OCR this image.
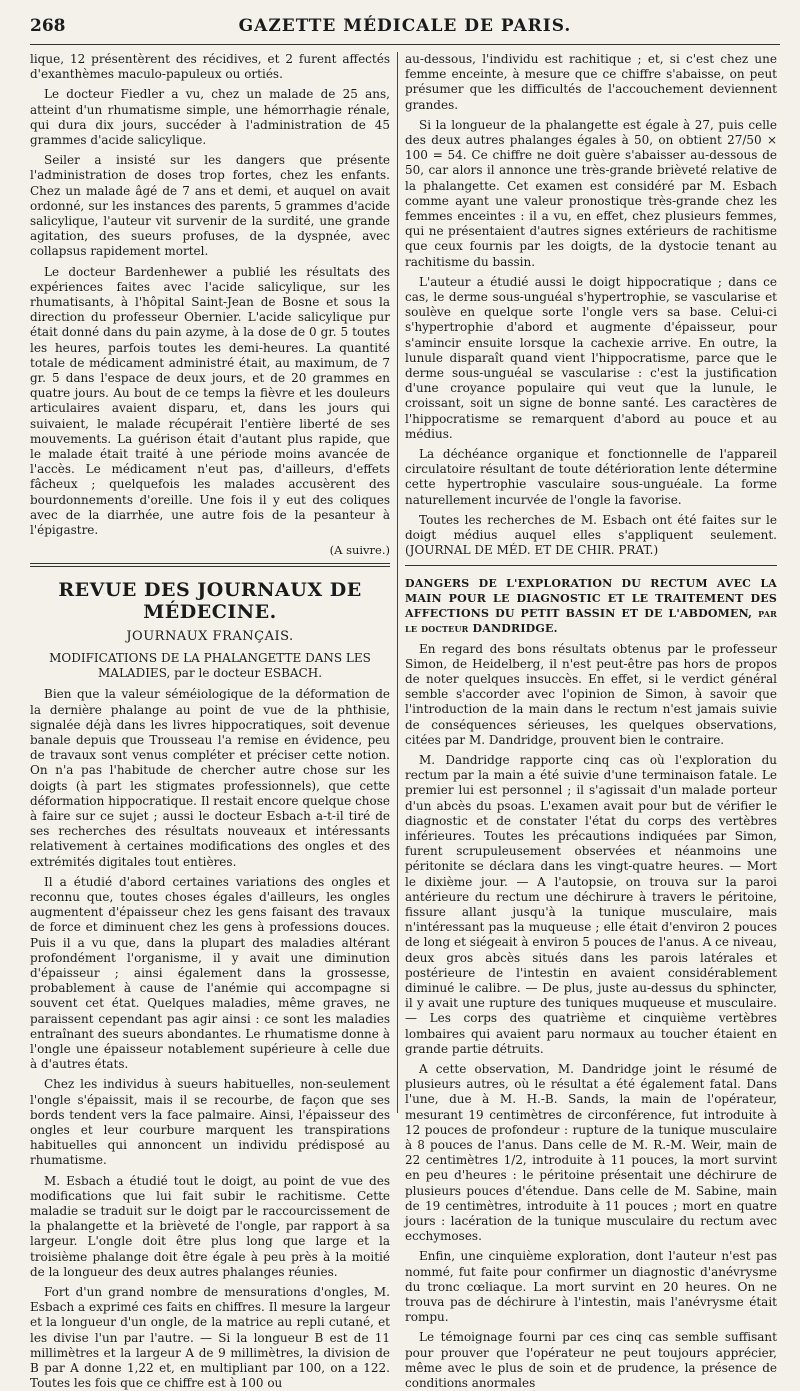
268	GAZETTE MÉDICALE DE PARIS.

lique, 12 présentèrent des récidives, et 2 furent affectés d'exanthèmes maculo-papuleux ou ortiés.

Le docteur Fiedler a vu, chez un malade de 25 ans, atteint d'un rhumatisme simple, une hémorrhagie rénale, qui dura dix jours, succéder à l'administration de 45 grammes d'acide salicylique.

Seiler a insisté sur les dangers que présente l'administration de doses trop fortes, chez les enfants. Chez un malade âgé de 7 ans et demi, et auquel on avait ordonné, sur les instances des parents, 5 grammes d'acide salicylique, l'auteur vit survenir de la surdité, une grande agitation, des sueurs profuses, de la dyspnée, avec collapsus rapidement mortel.

Le docteur Bardenhewer a publié les résultats des expériences faites avec l'acide salicylique, sur les rhumatisants, à l'hôpital Saint-Jean de Bosne et sous la direction du professeur Obernier. L'acide salicylique pur était donné dans du pain azyme, à la dose de 0 gr. 5 toutes les heures, parfois toutes les demi-heures. La quantité totale de médicament administré était, au maximum, de 7 gr. 5 dans l'espace de deux jours, et de 20 grammes en quatre jours. Au bout de ce temps la fièvre et les douleurs articulaires avaient disparu, et, dans les jours qui suivaient, le malade récupérait l'entière liberté de ses mouvements. La guérison était d'autant plus rapide, que le malade était traité à une période moins avancée de l'accès. Le médicament n'eut pas, d'ailleurs, d'effets fâcheux ; quelquefois les malades accusèrent des bourdonnements d'oreille. Une fois il y eut des coliques avec de la diarrhée, une autre fois de la pesanteur à l'épigastre.

(A suivre.)
REVUE DES JOURNAUX DE MÉDECINE.
JOURNAUX FRANÇAIS.
MODIFICATIONS DE LA PHALANGETTE DANS LES MALADIES, par le docteur ESBACH.

Bien que la valeur séméiologique de la déformation de la dernière phalange au point de vue de la phthisie, signalée déjà dans les livres hippocratiques, soit devenue banale depuis que Trousseau l'a remise en évidence, peu de travaux sont venus compléter et préciser cette notion. On n'a pas l'habitude de chercher autre chose sur les doigts (à part les stigmates professionnels), que cette déformation hippocratique. Il restait encore quelque chose à faire sur ce sujet ; aussi le docteur Esbach a-t-il tiré de ses recherches des résultats nouveaux et intéressants relativement à certaines modifications des ongles et des extrémités digitales tout entières.

Il a étudié d'abord certaines variations des ongles et reconnu que, toutes choses égales d'ailleurs, les ongles augmentent d'épaisseur chez les gens faisant des travaux de force et diminuent chez les gens à professions douces. Puis il a vu que, dans la plupart des maladies altérant profondément l'organisme, il y avait une diminution d'épaisseur ; ainsi également dans la grossesse, probablement à cause de l'anémie qui accompagne si souvent cet état. Quelques maladies, même graves, ne paraissent cependant pas agir ainsi : ce sont les maladies entraînant des sueurs abondantes. Le rhumatisme donne à l'ongle une épaisseur notablement supérieure à celle due à d'autres états.

Chez les individus à sueurs habituelles, non-seulement l'ongle s'épaissit, mais il se recourbe, de façon que ses bords tendent vers la face palmaire. Ainsi, l'épaisseur des ongles et leur courbure marquent les transpirations habituelles qui annoncent un individu prédisposé au rhumatisme.

M. Esbach a étudié tout le doigt, au point de vue des modifications que lui fait subir le rachitisme. Cette maladie se traduit sur le doigt par le raccourcissement de la phalangette et la brièveté de l'ongle, par rapport à sa largeur. L'ongle doit être plus long que large et la troisième phalange doit être égale à peu près à la moitié de la longueur des deux autres phalanges réunies.

Fort d'un grand nombre de mensurations d'ongles, M. Esbach a exprimé ces faits en chiffres. Il mesure la largeur et la longueur d'un ongle, de la matrice au repli cutané, et les divise l'un par l'autre. — Si la longueur B est de 11 millimètres et la largeur A de 9 millimètres, la division de B par A donne 1,22 et, en multipliant par 100, on a 122. Toutes les fois que ce chiffre est à 100 ou

au-dessous, l'individu est rachitique ; et, si c'est chez une femme enceinte, à mesure que ce chiffre s'abaisse, on peut présumer que les difficultés de l'accouchement deviennent grandes.

Si la longueur de la phalangette est égale à 27, puis celle des deux autres phalanges égales à 50, on obtient 27/50 × 100 = 54. Ce chiffre ne doit guère s'abaisser au-dessous de 50, car alors il annonce une très-grande brièveté relative de la phalangette. Cet examen est considéré par M. Esbach comme ayant une valeur pronostique très-grande chez les femmes enceintes : il a vu, en effet, chez plusieurs femmes, qui ne présentaient d'autres signes extérieurs de rachitisme que ceux fournis par les doigts, de la dystocie tenant au rachitisme du bassin.

L'auteur a étudié aussi le doigt hippocratique ; dans ce cas, le derme sous-unguéal s'hypertrophie, se vascularise et soulève en quelque sorte l'ongle vers sa base. Celui-ci s'hypertrophie d'abord et augmente d'épaisseur, pour s'amincir ensuite lorsque la cachexie arrive. En outre, la lunule disparaît quand vient l'hippocratisme, parce que le derme sous-unguéal se vascularise : c'est la justification d'une croyance populaire qui veut que la lunule, le croissant, soit un signe de bonne santé. Les caractères de l'hippocratisme se remarquent d'abord au pouce et au médius.

La déchéance organique et fonctionnelle de l'appareil circulatoire résultant de toute détérioration lente détermine cette hypertrophie vasculaire sous-unguéale. La forme naturellement incurvée de l'ongle la favorise.

Toutes les recherches de M. Esbach ont été faites sur le doigt médius auquel elles s'appliquent seulement. (JOURNAL DE MÉD. ET DE CHIR. PRAT.)

DANGERS DE L'EXPLORATION DU RECTUM AVEC LA MAIN POUR LE DIAGNOSTIC ET LE TRAITEMENT DES AFFECTIONS DU PETIT BASSIN ET DE L'ABDOMEN, par le docteur DANDRIDGE.

En regard des bons résultats obtenus par le professeur Simon, de Heidelberg, il n'est peut-être pas hors de propos de noter quelques insuccès. En effet, si le verdict général semble s'accorder avec l'opinion de Simon, à savoir que l'introduction de la main dans le rectum n'est jamais suivie de conséquences sérieuses, les quelques observations, citées par M. Dandridge, prouvent bien le contraire.

M. Dandridge rapporte cinq cas où l'exploration du rectum par la main a été suivie d'une terminaison fatale. Le premier lui est personnel ; il s'agissait d'un malade porteur d'un abcès du psoas. L'examen avait pour but de vérifier le diagnostic et de constater l'état du corps des vertèbres inférieures. Toutes les précautions indiquées par Simon, furent scrupuleusement observées et néanmoins une péritonite se déclara dans les vingt-quatre heures. — Mort le dixième jour. — A l'autopsie, on trouva sur la paroi antérieure du rectum une déchirure à travers le péritoine, fissure allant jusqu'à la tunique musculaire, mais n'intéressant pas la muqueuse ; elle était d'environ 2 pouces de long et siégeait à environ 5 pouces de l'anus. A ce niveau, deux gros abcès situés dans les parois latérales et postérieure de l'intestin en avaient considérablement diminué le calibre. — De plus, juste au-dessus du sphincter, il y avait une rupture des tuniques muqueuse et musculaire. — Les corps des quatrième et cinquième vertèbres lombaires qui avaient paru normaux au toucher étaient en grande partie détruits.

A cette observation, M. Dandridge joint le résumé de plusieurs autres, où le résultat a été également fatal. Dans l'une, due à M. H.-B. Sands, la main de l'opérateur, mesurant 19 centimètres de circonférence, fut introduite à 12 pouces de profondeur : rupture de la tunique musculaire à 8 pouces de l'anus. Dans celle de M. R.-M. Weir, main de 22 centimètres 1/2, introduite à 11 pouces, la mort survint en peu d'heures : le péritoine présentait une déchirure de plusieurs pouces d'étendue. Dans celle de M. Sabine, main de 19 centimètres, introduite à 11 pouces ; mort en quatre jours : lacération de la tunique musculaire du rectum avec ecchymoses.

Enfin, une cinquième exploration, dont l'auteur n'est pas nommé, fut faite pour confirmer un diagnostic d'anévrysme du tronc cœliaque. La mort survint en 20 heures. On ne trouva pas de déchirure à l'intestin, mais l'anévrysme était rompu.

Le témoignage fourni par ces cinq cas semble suffisant pour prouver que l'opérateur ne peut toujours apprécier, même avec le plus de soin et de prudence, la présence de conditions anormales
